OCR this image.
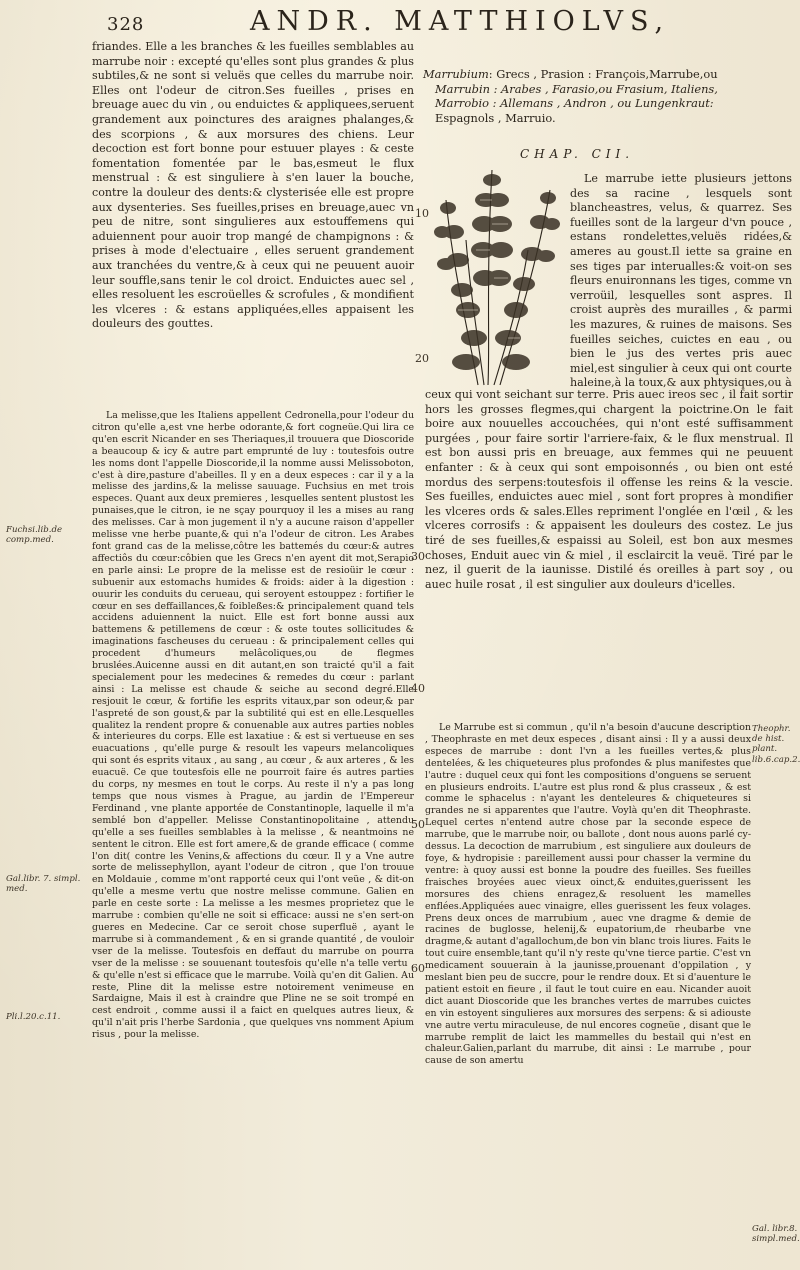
328	ANDR. MATTHIOLVS,

friandes. Elle a les branches & les fueilles semblables au marrube noir : excepté qu'elles sont plus grandes & plus subtiles,& ne sont si veluës que celles du marrube noir. Elles ont l'odeur de citron.Ses fueilles , prises en breuage auec du vin , ou enduictes & appliquees,seruent grandement aux poinctures des araignes phalanges,& des scorpions , & aux morsures des chiens. Leur decoction est fort bonne pour estuuer playes : & ceste fomentation fomentée par le bas,esmeut le flux menstrual : & est singuliere à s'en lauer la bouche, contre la douleur des dents:& clysterisée elle est propre aux dysenteries. Ses fueilles,prises en breuage,auec vn peu de nitre, sont singulieres aux estouffemens qui aduiennent pour auoir trop mangé de champignons : & prises à mode d'electuaire , elles seruent grandement aux tranchées du ventre,& à ceux qui ne peuuent auoir leur souffle,sans tenir le col droict. Enduictes auec sel , elles resoluent les escroüelles & scrofules , & mondifient les vlceres : & estans appliquées,elles appaisent les douleurs des gouttes.

La melisse,que les Italiens appellent Cedronella,pour l'odeur du citron qu'elle a,est vne herbe odorante,& fort cogneüe.Qui lira ce qu'en escrit Nicander en ses Theriaques,il trouuera que Dioscoride a beaucoup & icy & autre part emprunté de luy : toutesfois outre les noms dont l'appelle Dioscoride,il la nomme aussi Melissoboton, c'est à dire,pasture d'abeilles. Il y en a deux especes : car il y a la melisse des jardins,& la melisse sauuage. Fuchsius en met trois especes. Quant aux deux premieres , lesquelles sentent plustost les punaises,que le citron, ie ne sçay pourquoy il les a mises au rang des melisses. Car à mon jugement il n'y a aucune raison d'appeller melisse vne herbe puante,& qui n'a l'odeur de citron. Les Arabes font grand cas de la melisse,côtre les battemés du cœur:& autres affectiôs du cœur:côbien que les Grecs n'en ayent dit mot,Serapio en parle ainsi: Le propre de la melisse est de resioüir le cœur : subuenir aux estomachs humides & froids: aider à la digestion : ouurir les conduits du cerueau, qui seroyent estouppez : fortifier le cœur en ses deffaillances,& foibleßes:& principalement quand tels accidens aduiennent la nuict. Elle est fort bonne aussi aux battemens & petillemens de cœur : & oste toutes sollicitudes & imaginations fascheuses du cerueau : & principalement celles qui procedent d'humeurs melâcoliques,ou de flegmes bruslées.Auicenne aussi en dit autant,en son traicté qu'il a fait specialement pour les medecines & remedes du cœur : parlant ainsi : La melisse est chaude & seiche au second degré.Elle resjouit le cœur, & fortifie les esprits vitaux,par son odeur,& par l'aspreté de son goust,& par la subtilité qui est en elle.Lesquelles qualitez la rendent propre & conuenable aux autres parties nobles & interieures du corps. Elle est laxatiue : & est si vertueuse en ses euacuations , qu'elle purge & resoult les vapeurs melancoliques qui sont és esprits vitaux , au sang , au cœur , & aux arteres , & les euacuë. Ce que toutesfois elle ne pourroit faire és autres parties du corps, ny mesmes en tout le corps. Au reste il n'y a pas long temps que nous vismes à Prague, au jardin de l'Empereur Ferdinand , vne plante apportée de Constantinople, laquelle il m'a semblé bon d'appeller. Melisse Constantinopolitaine , attendu qu'elle a ses fueilles semblables à la melisse , & neantmoins ne sentent le citron. Elle est fort amere,& de grande efficace ( comme l'on dit( contre les Venins,& affections du cœur. Il y a Vne autre sorte de melissephyllon, ayant l'odeur de citron , que l'on trouue en Moldauie , comme m'ont rapporté ceux qui l'ont veüe , & dit-on qu'elle a mesme vertu que nostre melisse commune. Galien en parle en ceste sorte : La melisse a les mesmes proprietez que le marrube : combien qu'elle ne soit si efficace: aussi ne s'en sert-on gueres en Medecine. Car ce seroit chose superfluë , ayant le marrube si à commandement , & en si grande quantité , de vouloir vser de la melisse. Toutesfois en deffaut du marrube on pourra vser de la melisse : se souuenant toutesfois qu'elle n'a telle vertu , & qu'elle n'est si efficace que le marrube. Voilà qu'en dit Galien. Au reste, Pline dit la melisse estre notoirement venimeuse en Sardaigne, Mais il est à craindre que Pline ne se soit trompé en cest endroit , comme aussi il a faict en quelques autres lieux, & qu'il n'ait pris l'herbe Sardonia , que quelques vns nomment Apium risus , pour la melisse.

Marrubium: Grecs , Prasion : François,Marrube,ou
Marrubin : Arabes , Farasio,ou Frasium, Italiens,
Marrobio : Allemans , Andron , ou Lungenkraut:
Espagnols , Marruio.
CHAP. CII.

Le marrube iette plusieurs jettons des sa racine , lesquels sont blancheastres, velus, & quarrez. Ses fueilles sont de la largeur d'vn pouce , estans rondelettes,veluës ridées,& ameres au goust.Il iette sa graine en ses tiges par interualles:& voit-on ses fleurs enuironnans les tiges, comme vn verroüil, lesquelles sont aspres. Il croist auprès des murailles , & parmi les mazures, & ruines de maisons. Ses fueilles seiches, cuictes en eau , ou bien le jus des vertes pris auec miel,est singulier à ceux qui ont courte haleine,à la toux,& aux phtysiques,ou à

ceux qui vont seichant sur terre. Pris auec ireos sec , il fait sortir hors les grosses flegmes,qui chargent la poictrine.On le fait boire aux nouuelles accouchées, qui n'ont esté suffisamment purgées , pour faire sortir l'arriere-faix, & le flux menstrual. Il est bon aussi pris en breuage, aux femmes qui ne peuuent enfanter : & à ceux qui sont empoisonnés , ou bien ont esté mordus des serpens:toutesfois il offense les reins & la vescie. Ses fueilles, enduictes auec miel , sont fort propres à mondifier les vlceres ords & sales.Elles repriment l'onglée en l'œil , & les vlceres corrosifs : & appaisent les douleurs des costez. Le jus tiré de ses fueilles,& espaissi au Soleil, est bon aux mesmes choses, Enduit auec vin & miel , il esclaircit la veuë. Tiré par le nez, il guerit de la iaunisse. Distilé és oreilles à part soy , ou auec huile rosat , il est singulier aux douleurs d'icelles.

Le Marrube est si commun , qu'il n'a besoin d'aucune description , Theophraste en met deux especes , disant ainsi : Il y a aussi deux especes de marrube : dont l'vn a les fueilles vertes,& plus dentelées, & les chiqueteures plus profondes & plus manifestes que l'autre : duquel ceux qui font les compositions d'onguens se seruent en plusieurs endroits. L'autre est plus rond & plus crasseux , & est comme le sphacelus : n'ayant les denteleures & chiqueteures si grandes ne si apparentes que l'autre. Voylà qu'en dit Theophraste. Lequel certes n'entend autre chose par la seconde espece de marrube, que le marrube noir, ou ballote , dont nous auons parlé cy-dessus. La decoction de marrubium , est singuliere aux douleurs de foye, & hydropisie : pareillement aussi pour chasser la vermine du ventre: à quoy aussi est bonne la poudre des fueilles. Ses fueilles fraisches broyées auec vieux oinct,& enduites,guerissent les morsures des chiens enragez,& resoluent les mamelles enflées.Appliquées auec vinaigre, elles guerissent les feux volages. Prens deux onces de marrubium , auec vne dragme & demie de racines de buglosse, helenij,& eupatorium,de rheubarbe vne dragme,& autant d'agallochum,de bon vin blanc trois liures. Faits le tout cuire ensemble,tant qu'il n'y reste qu'vne tierce partie. C'est vn medicament souuerain à la jaunisse,prouenant d'oppilation , y meslant bien peu de succre, pour le rendre doux. Et si d'auenture le patient estoit en fieure , il faut le tout cuire en eau. Nicander auoit dict auant Dioscoride que les branches vertes de marrubes cuictes en vin estoyent singulieres aux morsures des serpens: & si adiouste vne autre vertu miraculeuse, de nul encores cogneüe , disant que le marrube remplit de laict les mammelles du bestail qui n'est en chaleur.Galien,parlant du marrube, dit ainsi : Le marrube , pour cause de son amertu

10
20
30
40
50
60
Fuchsi.lib.de comp.med.
Gal.libr. 7. simpl. med.
Pli.l.20.c.11.
Theophr. de hist. plant. lib.6.cap.2.
Gal. libr.8. simpl.med.
